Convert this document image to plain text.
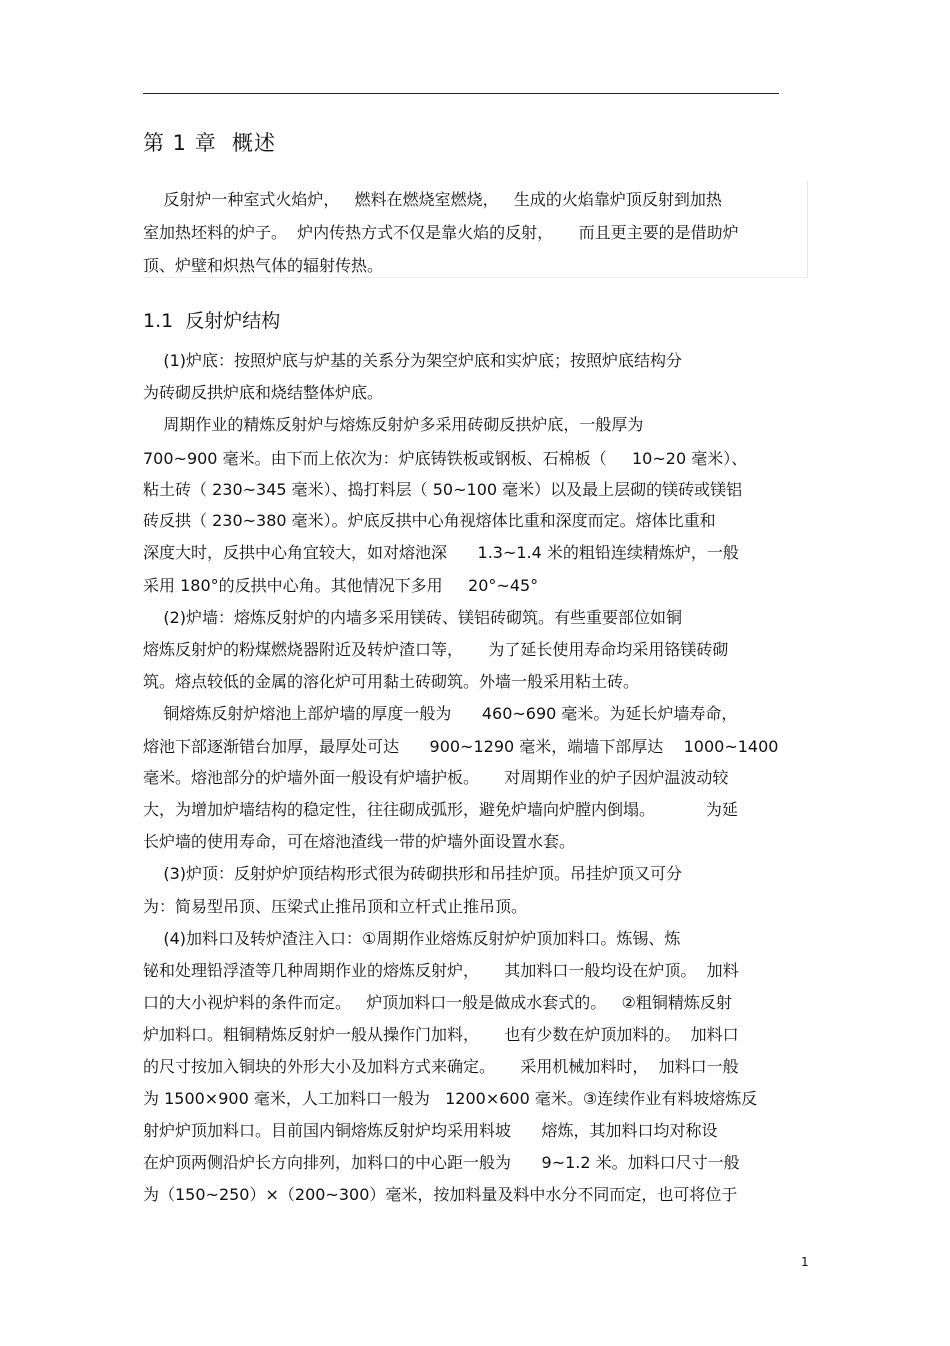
第 1 章  概述
反射炉一种室式火焰炉，   燃料在燃烧室燃烧，   生成的火焰靠炉顶反射到加热
室加热坯料的炉子。  炉内传热方式不仅是靠火焰的反射，     而且更主要的是借助炉
顶、炉壁和炽热气体的辐射传热。
1.1  反射炉结构
(1)炉底：按照炉底与炉基的关系分为架空炉底和实炉底；按照炉底结构分
为砖砌反拱炉底和烧结整体炉底。
周期作业的精炼反射炉与熔炼反射炉多采用砖砌反拱炉底，一般厚为
700~900 毫米。由下而上依次为：炉底铸铁板或钢板、石棉板（     10~20 毫米）、
粘土砖（ 230~345 毫米）、捣打料层（ 50~100 毫米）以及最上层砌的镁砖或镁铝
砖反拱（ 230~380 毫米）。炉底反拱中心角视熔体比重和深度而定。熔体比重和
深度大时，反拱中心角宜较大，如对熔池深      1.3~1.4 米的粗铅连续精炼炉，一般
采用 180°的反拱中心角。其他情况下多用     20°~45°
(2)炉墙：熔炼反射炉的内墙多采用镁砖、镁铝砖砌筑。有些重要部位如铜
熔炼反射炉的粉煤燃烧器附近及转炉渣口等，     为了延长使用寿命均采用铬镁砖砌
筑。熔点较低的金属的溶化炉可用黏土砖砌筑。外墙一般采用粘土砖。
铜熔炼反射炉熔池上部炉墙的厚度一般为      460~690 毫米。为延长炉墙寿命，
熔池下部逐渐错台加厚，最厚处可达      900~1290 毫米，端墙下部厚达    1000~1400
毫米。熔池部分的炉墙外面一般设有炉墙护板。     对周期作业的炉子因炉温波动较
大，为增加炉墙结构的稳定性，往往砌成弧形，避免炉墙向炉膛内倒塌。          为延
长炉墙的使用寿命，可在熔池渣线一带的炉墙外面设置水套。
(3)炉顶：反射炉炉顶结构形式很为砖砌拱形和吊挂炉顶。吊挂炉顶又可分
为：简易型吊顶、压梁式止推吊顶和立杆式止推吊顶。
(4)加料口及转炉渣注入口：①周期作业熔炼反射炉炉顶加料口。炼锡、炼
铋和处理铅浮渣等几种周期作业的熔炼反射炉，     其加料口一般均设在炉顶。  加料
口的大小视炉料的条件而定。   炉顶加料口一般是做成水套式的。   ②粗铜精炼反射
炉加料口。粗铜精炼反射炉一般从操作门加料，     也有少数在炉顶加料的。  加料口
的尺寸按加入铜块的外形大小及加料方式来确定。     采用机械加料时，  加料口一般
为 1500×900 毫米，人工加料口一般为   1200×600 毫米。③连续作业有料坡熔炼反
射炉炉顶加料口。目前国内铜熔炼反射炉均采用料坡      熔炼，其加料口均对称设
在炉顶两侧沿炉长方向排列，加料口的中心距一般为      9~1.2 米。加料口尺寸一般
为（150~250）×（200~300）毫米，按加料量及料中水分不同而定，也可将位于
1
